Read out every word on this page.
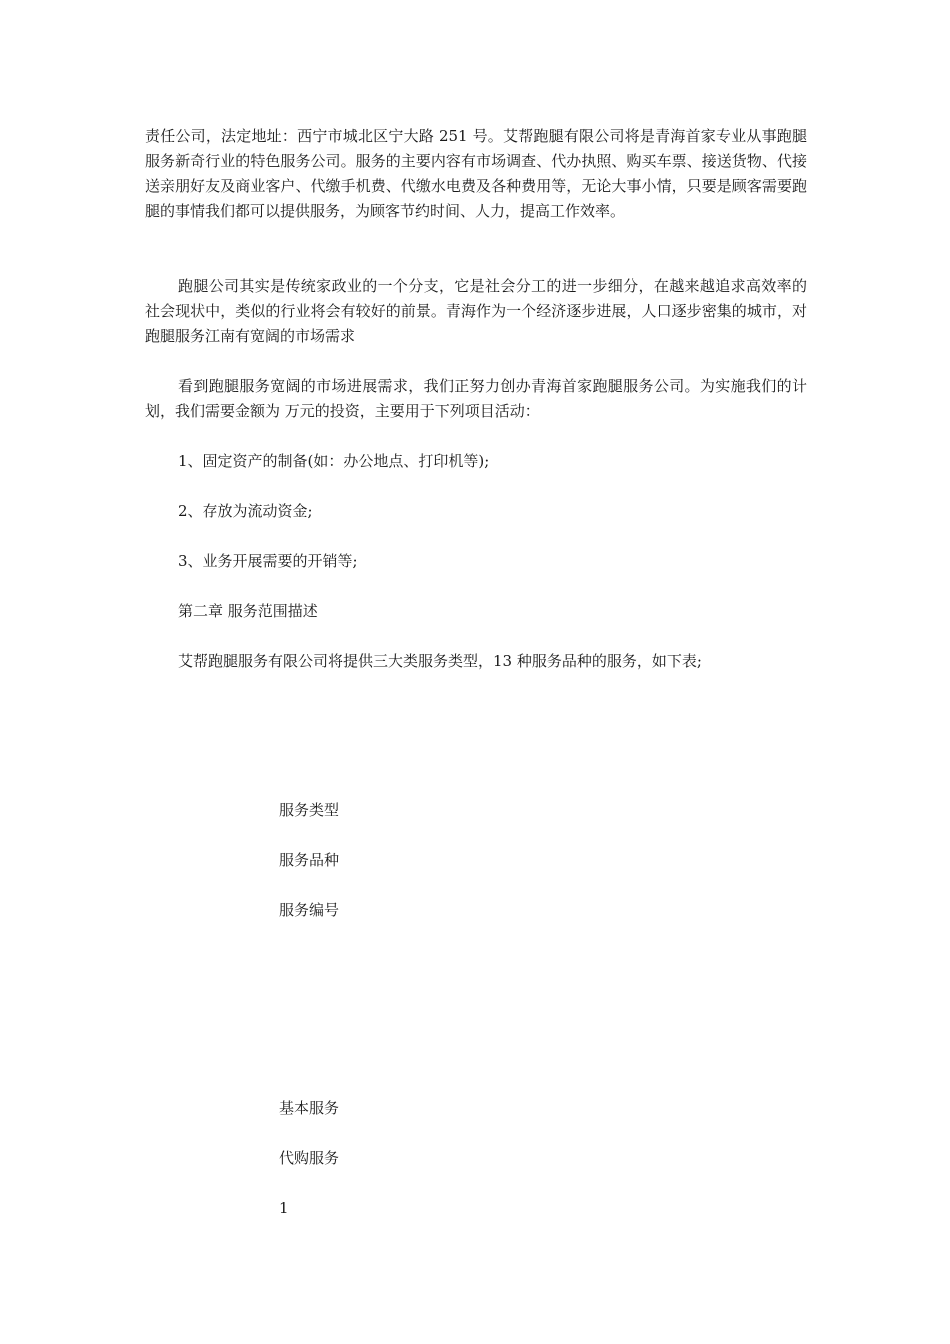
责任公司，法定地址：西宁市城北区宁大路 251 号。艾帮跑腿有限公司将是青海首家专业从事跑腿服务新奇行业的特色服务公司。服务的主要内容有市场调查、代办执照、购买车票、接送货物、代接送亲朋好友及商业客户、代缴手机费、代缴水电费及各种费用等，无论大事小情，只要是顾客需要跑腿的事情我们都可以提供服务，为顾客节约时间、人力，提高工作效率。

跑腿公司其实是传统家政业的一个分支，它是社会分工的进一步细分，在越来越追求高效率的社会现状中，类似的行业将会有较好的前景。青海作为一个经济逐步进展，人口逐步密集的城市，对跑腿服务江南有宽阔的市场需求

看到跑腿服务宽阔的市场进展需求，我们正努力创办青海首家跑腿服务公司。为实施我们的计划，我们需要金额为 万元的投资，主要用于下列项目活动：

1、固定资产的制备(如：办公地点、打印机等);

2、存放为流动资金;

3、业务开展需要的开销等;

第二章 服务范围描述

艾帮跑腿服务有限公司将提供三大类服务类型，13 种服务品种的服务，如下表;

服务类型

服务品种

服务编号

基本服务

代购服务

1
